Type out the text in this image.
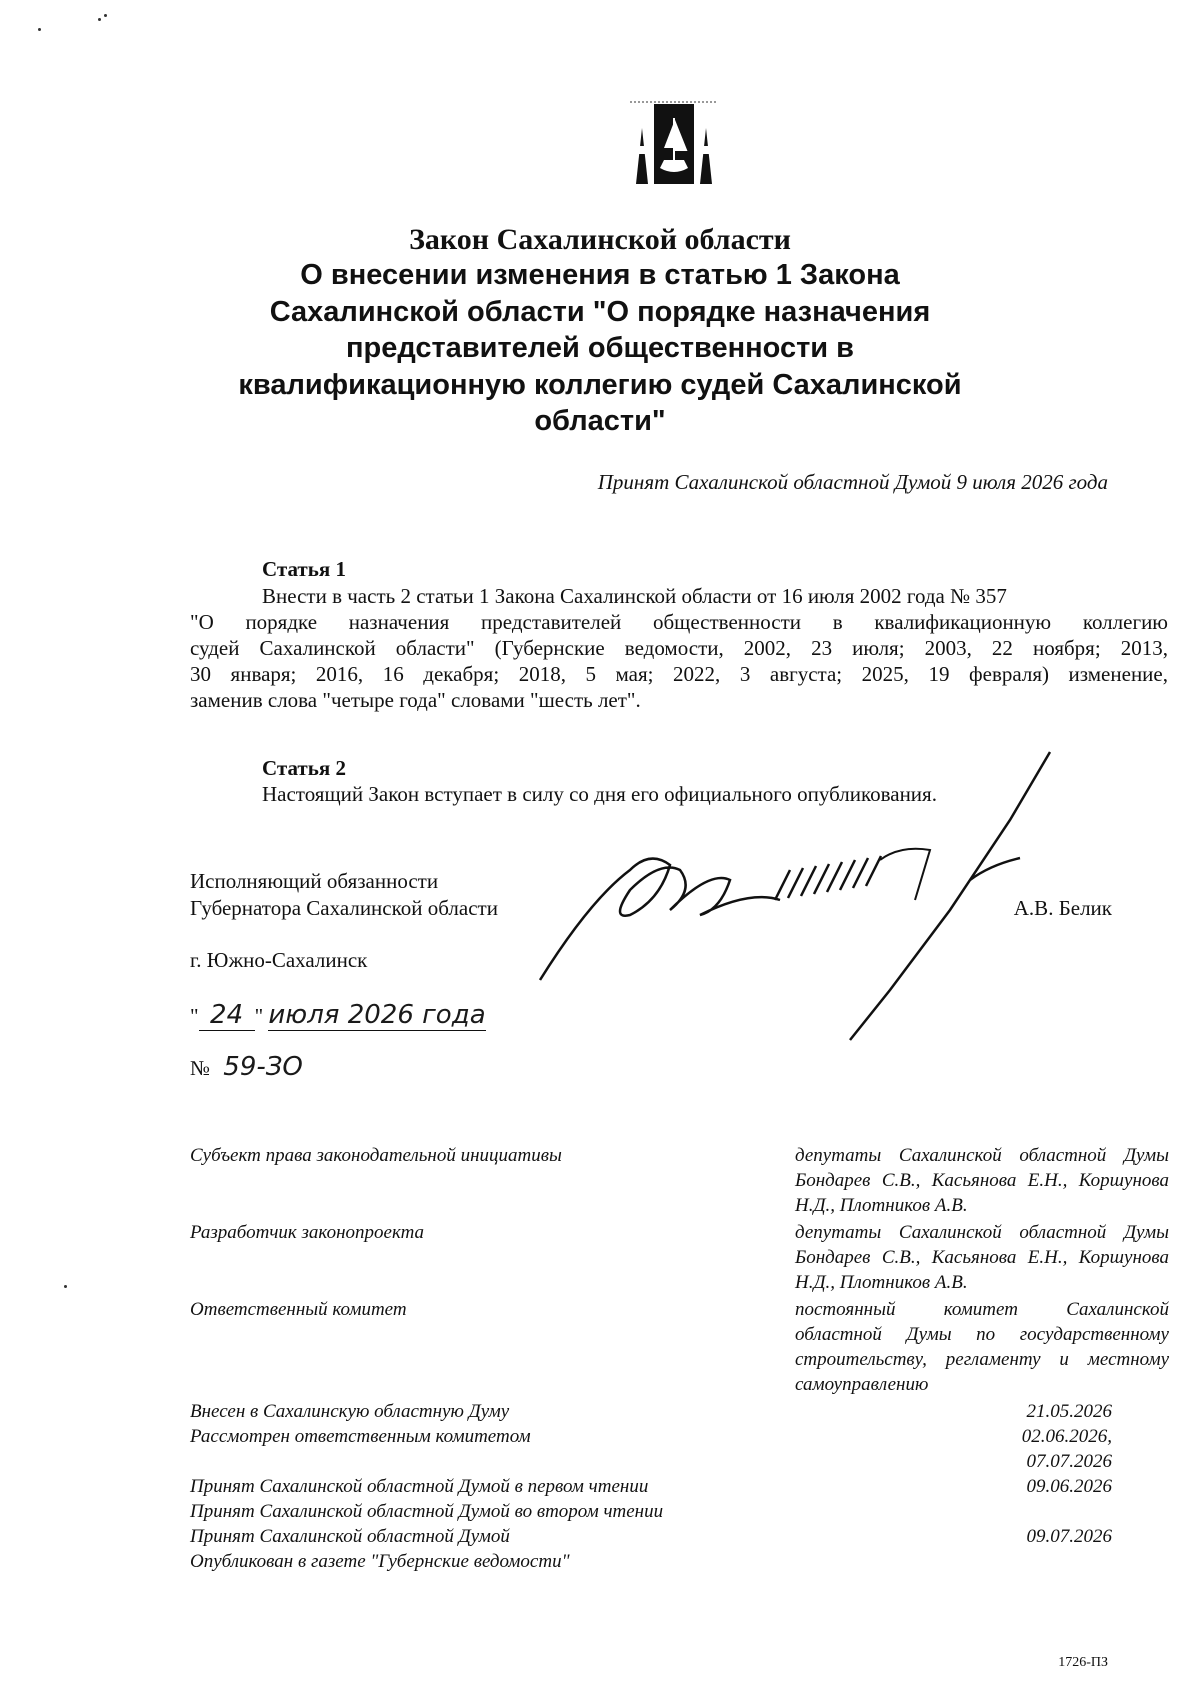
Закон Сахалинской области
О внесении изменения в статью 1 Закона
Сахалинской области "О порядке назначения
представителей общественности в
квалификационную коллегию судей Сахалинской
области"
Принят Сахалинской областной Думой 9 июля 2026 года
Статья 1
Внести в часть 2 статьи 1 Закона Сахалинской области от 16 июля 2002 года № 357
"О порядке назначения представителей общественности в квалификационную коллегию
судей Сахалинской области" (Губернские ведомости, 2002, 23 июля; 2003, 22 ноября; 2013,
30 января; 2016, 16 декабря; 2018, 5 мая; 2022, 3 августа; 2025, 19 февраля) изменение,
заменив слова "четыре года" словами "шесть лет".
Статья 2
Настоящий Закон вступает в силу со дня его официального опубликования.
Исполняющий обязанности
Губернатора Сахалинской области	А.В. Белик
г. Южно-Сахалинск
" 24 " июля 2026 года
№ 59-ЗО
Субъект права законодательной инициативы	депутаты Сахалинской областной Думы Бондарев С.В., Касьянова Е.Н., Коршунова Н.Д., Плотников А.В.
Разработчик законопроекта	депутаты Сахалинской областной Думы Бондарев С.В., Касьянова Е.Н., Коршунова Н.Д., Плотников А.В.
Ответственный комитет	постоянный комитет Сахалинской областной Думы по государственному строительству, регламенту и местному самоуправлению
Внесен в Сахалинскую областную Думу	21.05.2026
Рассмотрен ответственным комитетом	02.06.2026,
07.07.2026
Принят Сахалинской областной Думой в первом чтении	09.06.2026
Принят Сахалинской областной Думой во втором чтении
Принят Сахалинской областной Думой	09.07.2026
Опубликован в газете "Губернские ведомости"
1726-ПЗ
